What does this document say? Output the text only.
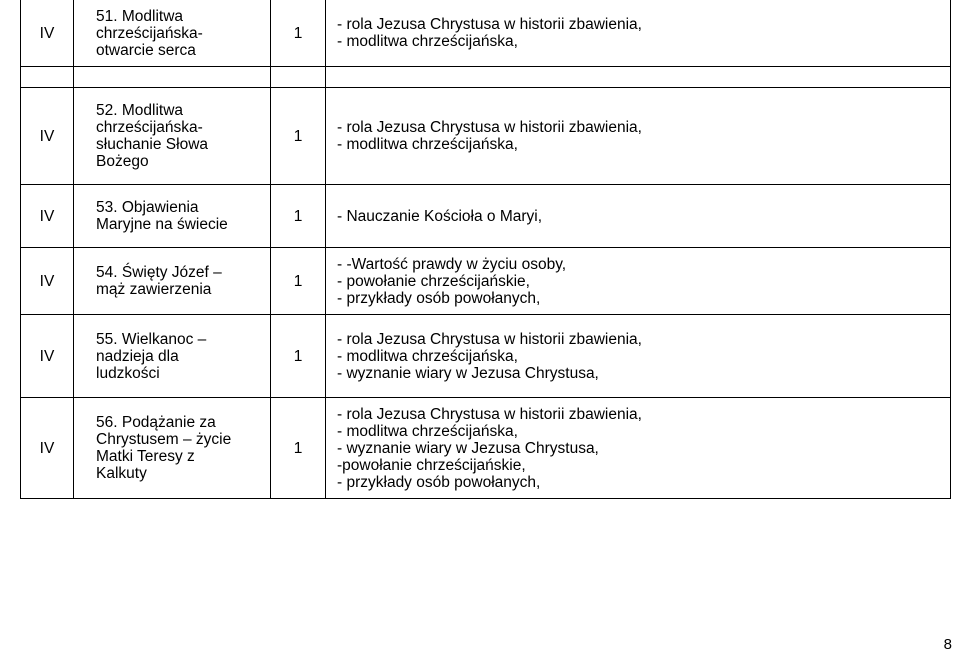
IV	51. Modlitwa
chrześcijańska-
otwarcie serca	1	- rola Jezusa Chrystusa w historii zbawienia,
- modlitwa chrześcijańska,

IV	52. Modlitwa
chrześcijańska-
słuchanie Słowa
Bożego	1	- rola Jezusa Chrystusa w historii zbawienia,
- modlitwa chrześcijańska,

IV	53. Objawienia
Maryjne na świecie	1	- Nauczanie Kościoła o Maryi,

IV	54. Święty Józef –
mąż zawierzenia	1	- -Wartość prawdy w życiu osoby,
- powołanie chrześcijańskie,
- przykłady osób powołanych,

IV	55. Wielkanoc –
nadzieja dla
ludzkości	1	- rola Jezusa Chrystusa w historii zbawienia,
- modlitwa chrześcijańska,
- wyznanie wiary w Jezusa Chrystusa,

IV	56. Podążanie za
Chrystusem – życie
Matki Teresy z
Kalkuty	1	- rola Jezusa Chrystusa w historii zbawienia,
- modlitwa chrześcijańska,
- wyznanie wiary w Jezusa Chrystusa,
-powołanie chrześcijańskie,
- przykłady osób powołanych,
8
